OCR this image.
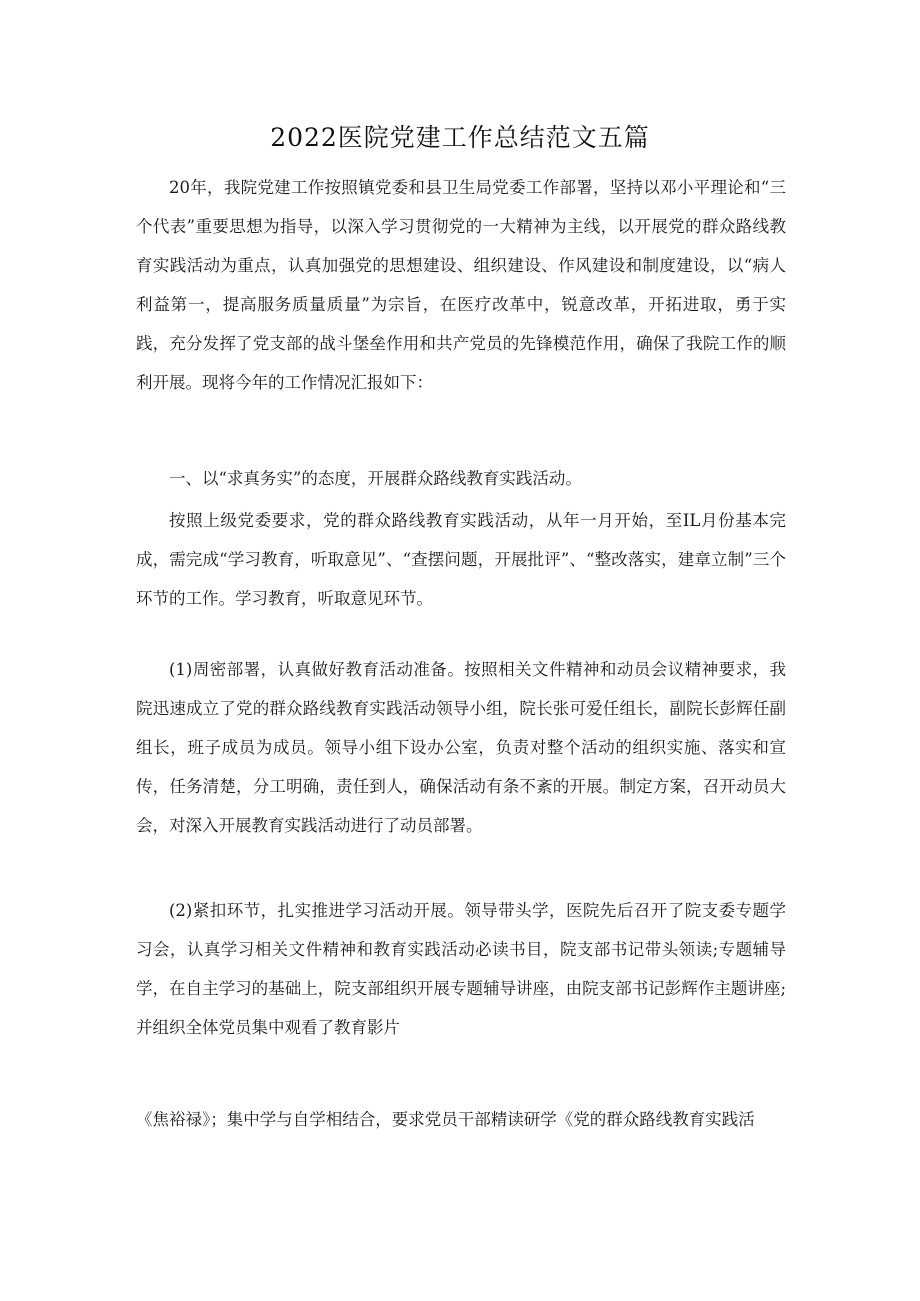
2022医院党建工作总结范文五篇

20年，我院党建工作按照镇党委和县卫生局党委工作部署，坚持以邓小平理论和“三个代表”重要思想为指导，以深入学习贯彻党的一大精神为主线，以开展党的群众路线教育实践活动为重点，认真加强党的思想建设、组织建设、作风建设和制度建设，以“病人利益第一，提高服务质量质量”为宗旨，在医疗改革中，锐意改革，开拓进取，勇于实践，充分发挥了党支部的战斗堡垒作用和共产党员的先锋模范作用，确保了我院工作的顺利开展。现将今年的工作情况汇报如下：

一、以“求真务实”的态度，开展群众路线教育实践活动。

按照上级党委要求，党的群众路线教育实践活动，从年一月开始，至IL月份基本完成，需完成“学习教育，听取意见”、“查摆问题，开展批评”、“整改落实，建章立制”三个环节的工作。学习教育，听取意见环节。

(1)周密部署，认真做好教育活动准备。按照相关文件精神和动员会议精神要求，我院迅速成立了党的群众路线教育实践活动领导小组，院长张可爱任组长，副院长彭辉任副组长，班子成员为成员。领导小组下设办公室，负责对整个活动的组织实施、落实和宣传，任务清楚，分工明确，责任到人，确保活动有条不紊的开展。制定方案，召开动员大会，对深入开展教育实践活动进行了动员部署。

(2)紧扣环节，扎实推进学习活动开展。领导带头学，医院先后召开了院支委专题学习会，认真学习相关文件精神和教育实践活动必读书目，院支部书记带头领读;专题辅导学，在自主学习的基础上，院支部组织开展专题辅导讲座，由院支部书记彭辉作主题讲座;并组织全体党员集中观看了教育影片

《焦裕禄》；集中学与自学相结合，要求党员干部精读研学《党的群众路线教育实践活
